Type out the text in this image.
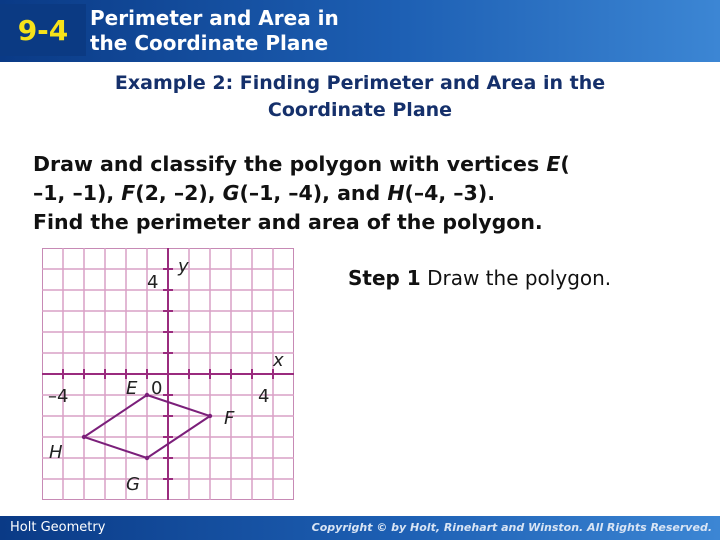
9-4	Perimeter and Area in
the Coordinate Plane
Example 2: Finding Perimeter and Area in the
Coordinate Plane
Draw and classify the polygon with vertices E(
–1, –1), F(2, –2), G(–1, –4), and H(–4, –3).
Find the perimeter and area of the polygon.
Step 1 Draw the polygon.
y
x
4
–4	4
0
E
F
G
H
Holt Geometry	Copyright © by Holt, Rinehart and Winston. All Rights Reserved.
